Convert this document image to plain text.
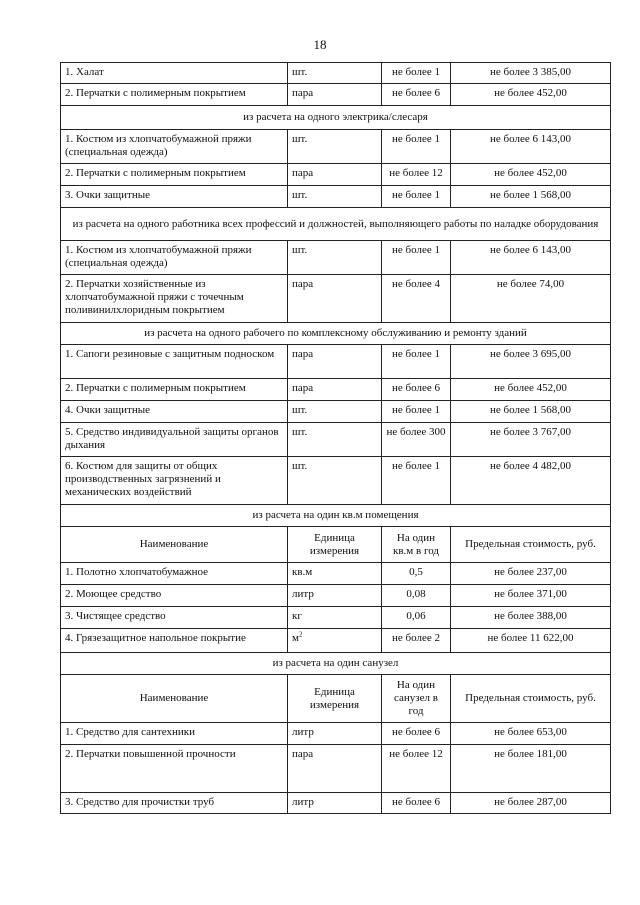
18
1. Халат	шт.	не более 1	не более 3 385,00
2. Перчатки с полимерным покрытием	пара	не более 6	не более 452,00
из расчета на одного электрика/слесаря			
1. Костюм из хлопчатобумажной пряжи (специальная одежда)	шт.	не более 1	не более 6 143,00
2. Перчатки с полимерным покрытием	пара	не более 12	не более 452,00
3. Очки защитные	шт.	не более 1	не более 1 568,00
из расчета на одного работника всех профессий и должностей, выполняющего работы по наладке оборудования			
1. Костюм из хлопчатобумажной пряжи (специальная одежда)	шт.	не более 1	не более 6 143,00
2. Перчатки хозяйственные из хлопчатобумажной пряжи с точечным поливинилхлоридным покрытием	пара	не более 4	не более 74,00
из расчета на одного рабочего по комплексному обслуживанию и ремонту зданий			
1. Сапоги резиновые с защитным подноском	пара	не более 1	не более 3 695,00
2. Перчатки с полимерным покрытием	пара	не более 6	не более 452,00
4. Очки защитные	шт.	не более 1	не более 1 568,00
5. Средство индивидуальной защиты органов дыхания	шт.	не более 300	не более 3 767,00
6. Костюм для защиты от общих производственных загрязнений и механических воздействий	шт.	не более 1	не более 4 482,00
из расчета на один кв.м помещения			
Наименование	Единица измерения	На один кв.м в год	Предельная стоимость, руб.
1. Полотно хлопчатобумажное	кв.м	0,5	не более 237,00
2. Моющее средство	литр	0,08	не более 371,00
3. Чистящее средство	кг	0,06	не более 388,00
4. Грязезащитное напольное покрытие	$м^2$	не более 2	не более 11 622,00
из расчета на один санузел			
Наименование	Единица измерения	На один санузел в год	Предельная стоимость, руб.
1. Средство для сантехники	литр	не более 6	не более 653,00
2. Перчатки повышенной прочности	пара	не более 12	не более 181,00
3. Средство для прочистки труб	литр	не более 6	не более 287,00
